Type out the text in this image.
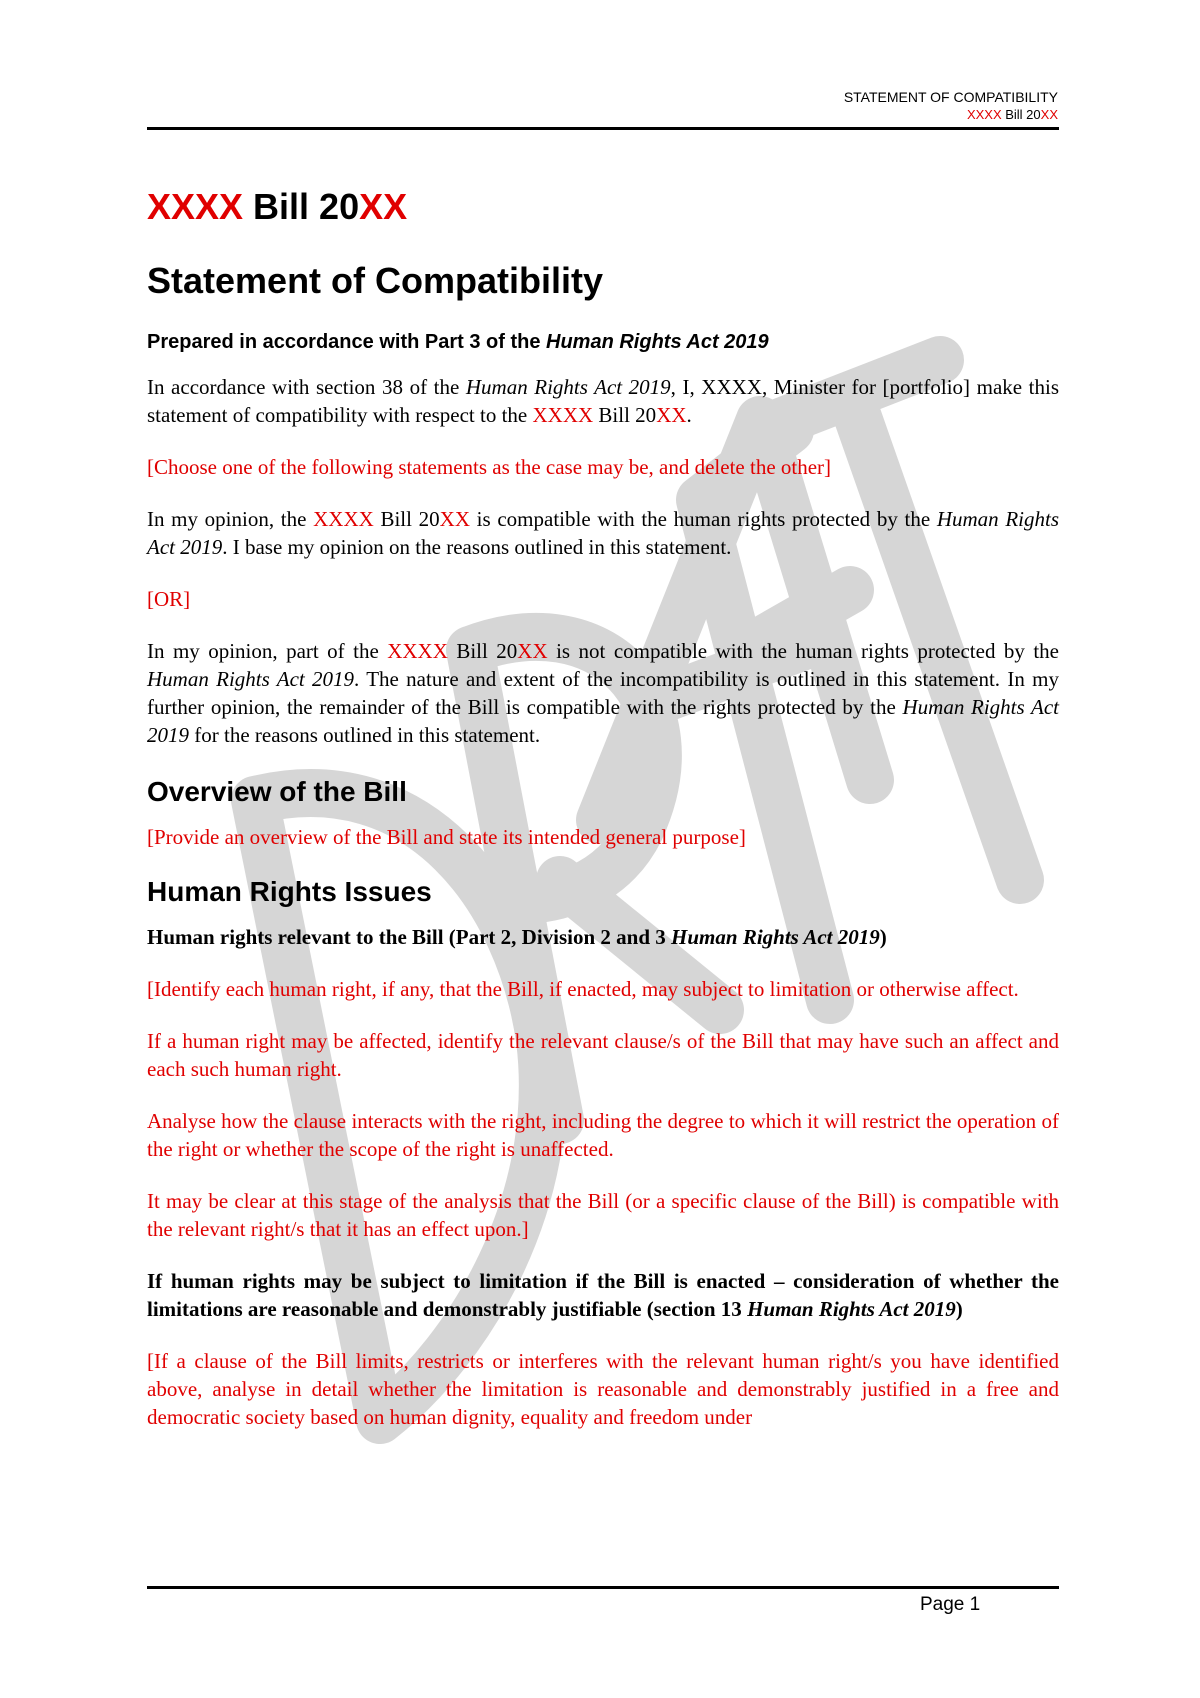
STATEMENT OF COMPATIBILITY
XXXX Bill 20XX
XXXX Bill 20XX
Statement of Compatibility
Prepared in accordance with Part 3 of the Human Rights Act 2019

In accordance with section 38 of the Human Rights Act 2019, I, XXXX, Minister for [portfolio] make this statement of compatibility with respect to the XXXX Bill 20XX.

[Choose one of the following statements as the case may be, and delete the other]

In my opinion, the XXXX Bill 20XX is compatible with the human rights protected by the Human Rights Act 2019. I base my opinion on the reasons outlined in this statement.

[OR]

In my opinion, part of the XXXX Bill 20XX is not compatible with the human rights protected by the Human Rights Act 2019. The nature and extent of the incompatibility is outlined in this statement. In my further opinion, the remainder of the Bill is compatible with the rights protected by the Human Rights Act 2019 for the reasons outlined in this statement.

Overview of the Bill

[Provide an overview of the Bill and state its intended general purpose]

Human Rights Issues

Human rights relevant to the Bill (Part 2, Division 2 and 3 Human Rights Act 2019)

[Identify each human right, if any, that the Bill, if enacted, may subject to limitation or otherwise affect.

If a human right may be affected, identify the relevant clause/s of the Bill that may have such an affect and each such human right.

Analyse how the clause interacts with the right, including the degree to which it will restrict the operation of the right or whether the scope of the right is unaffected.

It may be clear at this stage of the analysis that the Bill (or a specific clause of the Bill) is compatible with the relevant right/s that it has an effect upon.]

If human rights may be subject to limitation if the Bill is enacted – consideration of whether the limitations are reasonable and demonstrably justifiable (section 13 Human Rights Act 2019)

[If a clause of the Bill limits, restricts or interferes with the relevant human right/s you have identified above, analyse in detail whether the limitation is reasonable and demonstrably justified in a free and democratic society based on human dignity, equality and freedom under

Page 1
